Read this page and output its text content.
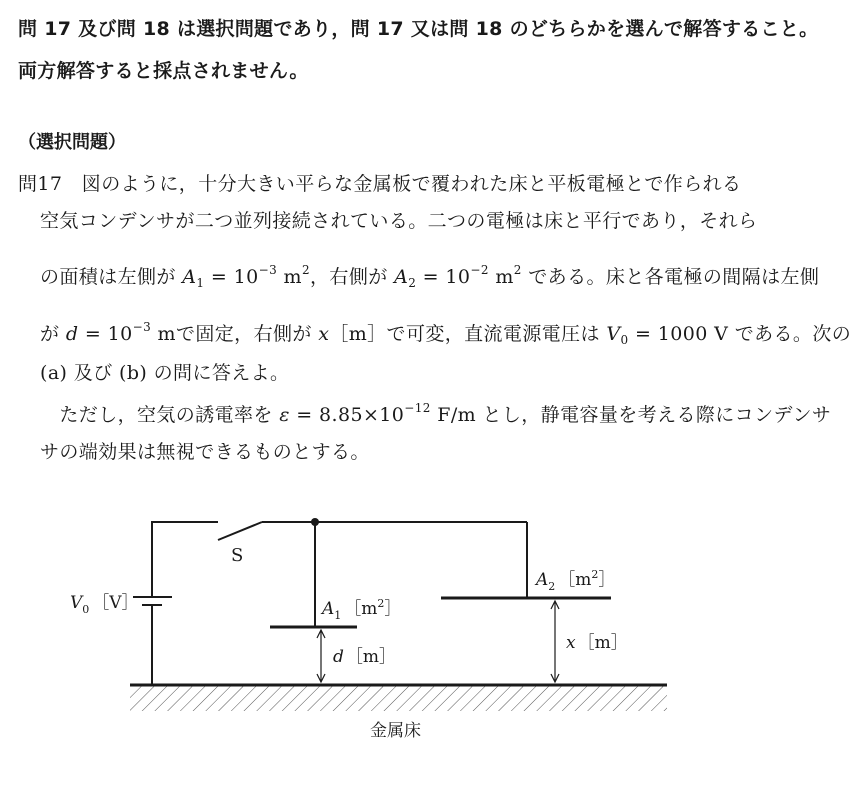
問 17 及び問 18 は選択問題であり，問 17 又は問 18 のどちらかを選んで解答すること。
両方解答すると採点されません。
（選択問題）
問17　 図のように，十分大きい平らな金属板で覆われた床と平板電極とで作られる
空気コンデンサが二つ並列接続されている。二つの電極は床と平行であり，それら
の面積は左側が $A_1 = 10^{-3}$ $m^2$，右側が $A_2 = 10^{-2}$ $m^2$ である。床と各電極の間隔は左側
が $d = 10^{-3}$ mで固定，右側が x［m］で可変，直流電源電圧は $V_0 = 1000$ V である。次の
(a) 及び (b) の問に答えよ。
　ただし，空気の誘電率を $\varepsilon = 8.85\times 10^{-12}$ F/m とし，静電容量を考える際にコンデンサ
サの端効果は無視できるものとする。
S
$V_0$ ［V］	$A_1$ $[m^2]$
$A_2$ $[m^2]$
d ［m］
x ［m］
金属床
